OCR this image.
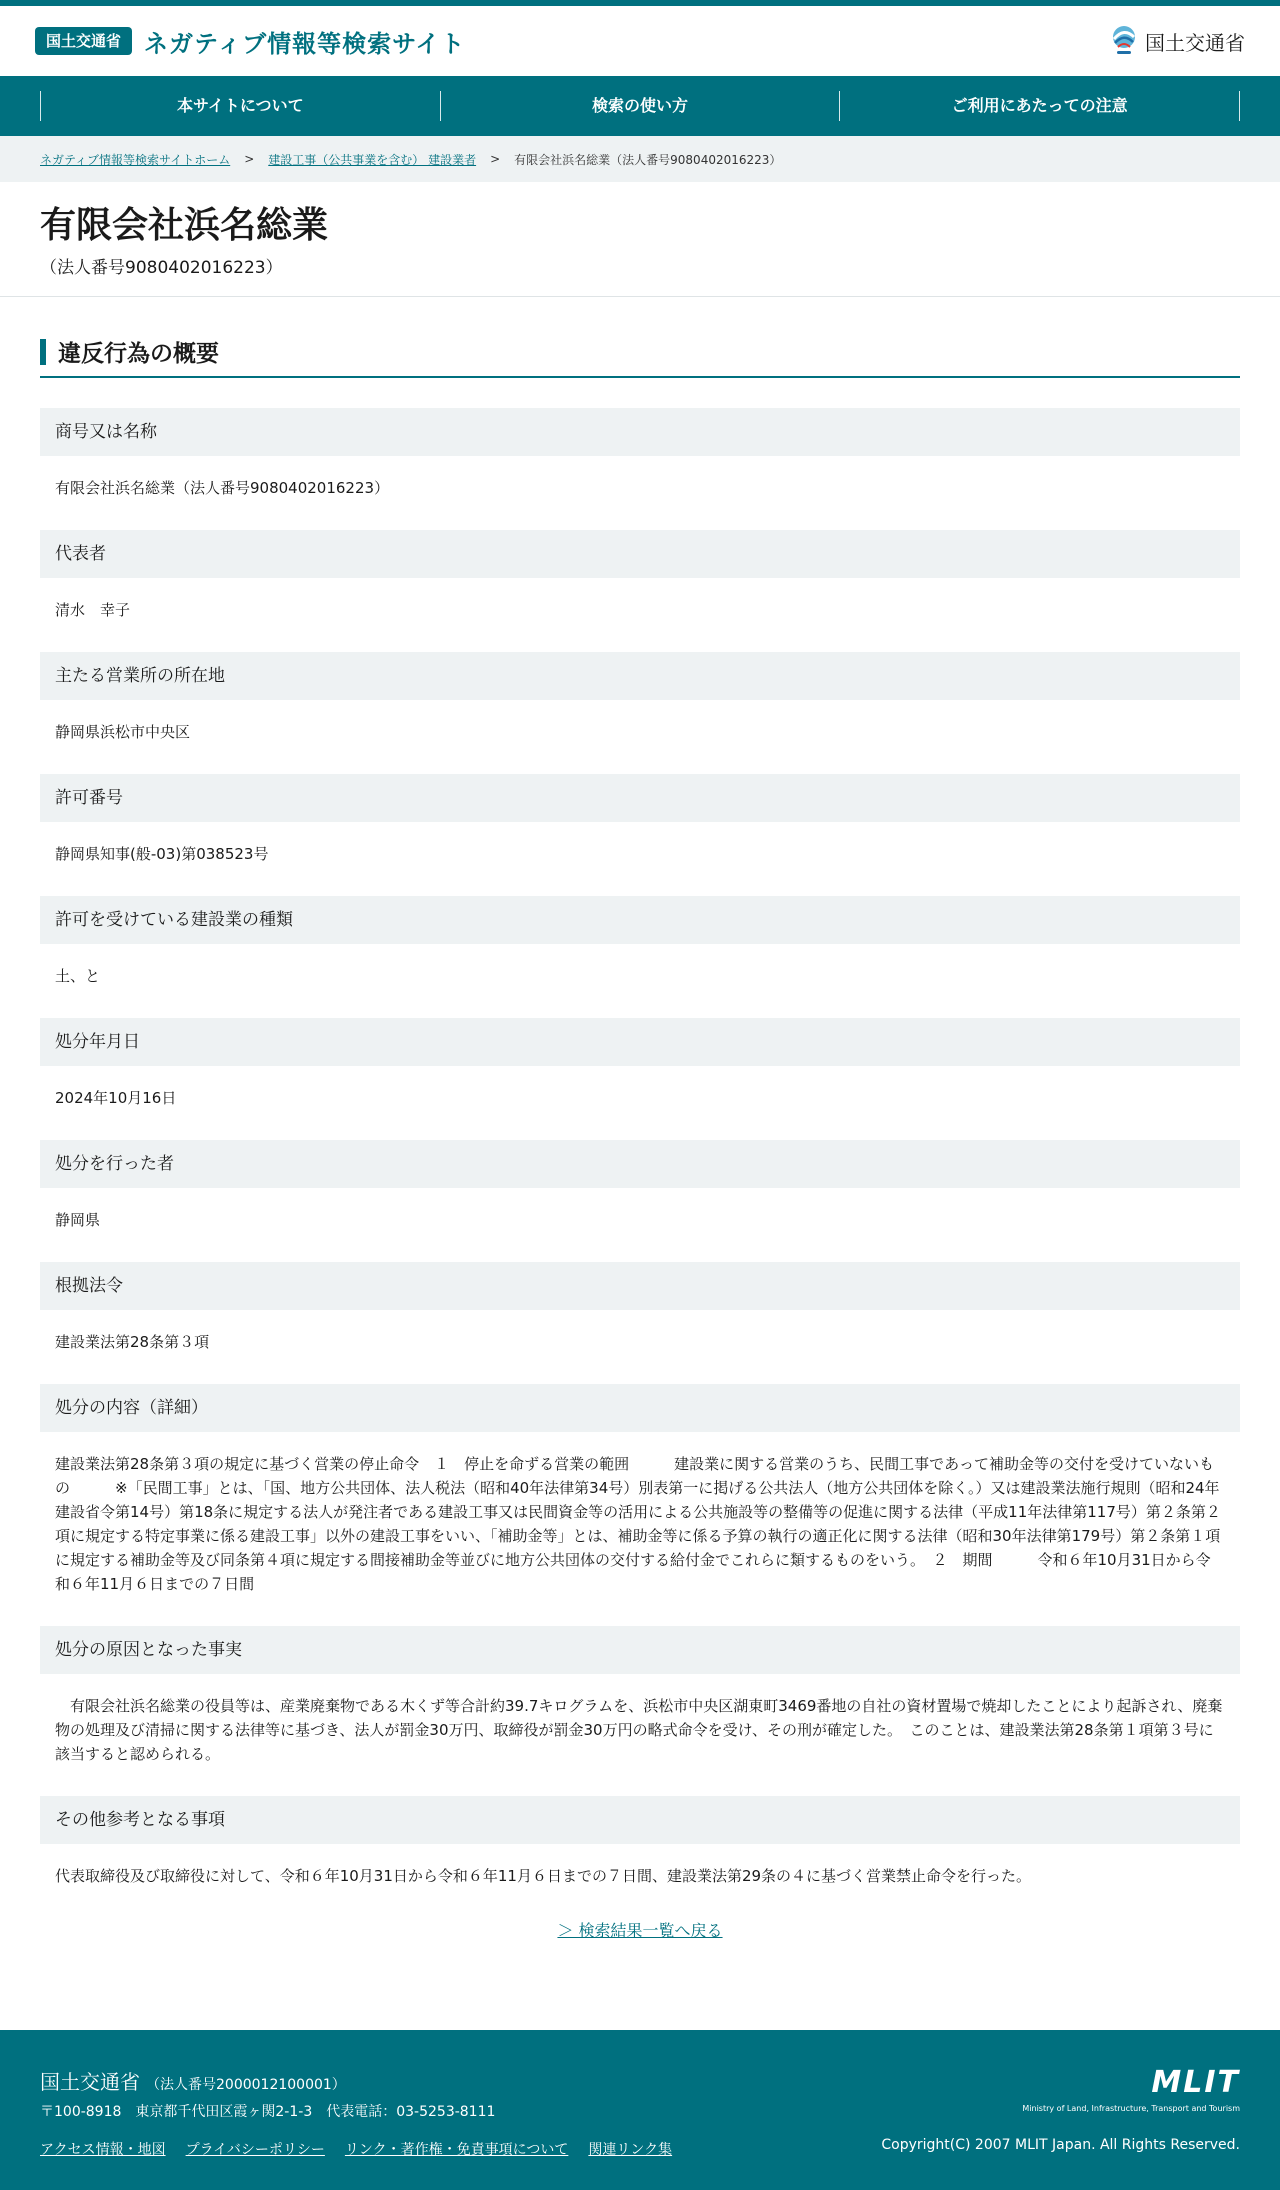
国土交通省 ネガティブ情報等検索サイト	国土交通省
本サイトについて	検索の使い方	ご利用にあたっての注意
ネガティブ情報等検索サイトホーム > 建設工事（公共事業を含む） 建設業者 > 有限会社浜名総業（法人番号9080402016223）
有限会社浜名総業
（法人番号9080402016223）
違反行為の概要
商号又は名称
有限会社浜名総業（法人番号9080402016223）
代表者
清水　幸子
主たる営業所の所在地
静岡県浜松市中央区
許可番号
静岡県知事(般-03)第038523号
許可を受けている建設業の種類
土、と
処分年月日
2024年10月16日
処分を行った者
静岡県
根拠法令
建設業法第28条第３項
処分の内容（詳細）
建設業法第28条第３項の規定に基づく営業の停止命令　１　停止を命ずる営業の範囲　　　建設業に関する営業のうち、民間工事であって補助金等の交付を受けていないもの　　　※「民間工事」とは、「国、地方公共団体、法人税法（昭和40年法律第34号）別表第一に掲げる公共法人（地方公共団体を除く。）又は建設業法施行規則（昭和24年建設省令第14号）第18条に規定する法人が発注者である建設工事又は民間資金等の活用による公共施設等の整備等の促進に関する法律（平成11年法律第117号）第２条第２項に規定する特定事業に係る建設工事」以外の建設工事をいい、「補助金等」とは、補助金等に係る予算の執行の適正化に関する法律（昭和30年法律第179号）第２条第１項に規定する補助金等及び同条第４項に規定する間接補助金等並びに地方公共団体の交付する給付金でこれらに類するものをいう。　２　期間　　　令和６年10月31日から令和６年11月６日までの７日間
処分の原因となった事実
　有限会社浜名総業の役員等は、産業廃棄物である木くず等合計約39.7キログラムを、浜松市中央区湖東町3469番地の自社の資材置場で焼却したことにより起訴され、廃棄物の処理及び清掃に関する法律等に基づき、法人が罰金30万円、取締役が罰金30万円の略式命令を受け、その刑が確定した。　このことは、建設業法第28条第１項第３号に該当すると認められる。
その他参考となる事項
代表取締役及び取締役に対して、令和６年10月31日から令和６年11月６日までの７日間、建設業法第29条の４に基づく営業禁止命令を行った。
＞ 検索結果一覧へ戻る
国土交通省 （法人番号2000012100001）
〒100-8918　東京都千代田区霞ヶ関2-1-3　代表電話：03-5253-8111
アクセス情報・地図 プライバシーポリシー リンク・著作権・免責事項について 関連リンク集
MLIT
Ministry of Land, Infrastructure, Transport and Tourism
Copyright(C) 2007 MLIT Japan. All Rights Reserved.
